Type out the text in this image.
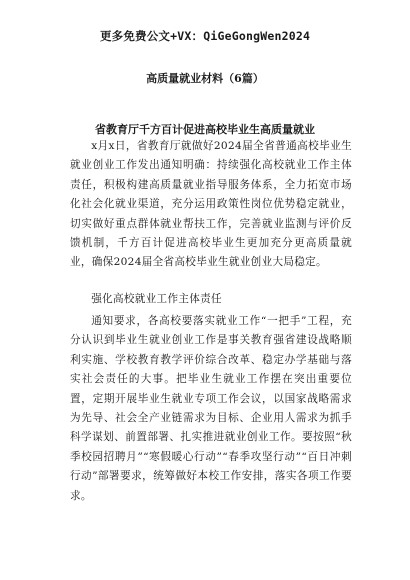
更多免费公文+VX：QiGeGongWen2024
高质量就业材料（6篇）
省教育厅千方百计促进高校毕业生高质量就业

x月x日，省教育厅就做好2024届全省普通高校毕业生就业创业工作发出通知明确：持续强化高校就业工作主体责任，积极构建高质量就业指导服务体系，全力拓宽市场化社会化就业渠道，充分运用政策性岗位优势稳定就业，切实做好重点群体就业帮扶工作，完善就业监测与评价反馈机制，千方百计促进高校毕业生更加充分更高质量就业，确保2024届全省高校毕业生就业创业大局稳定。

强化高校就业工作主体责任

通知要求，各高校要落实就业工作“一把手”工程，充分认识到毕业生就业创业工作是事关教育强省建设战略顺利实施、学校教育教学评价综合改革、稳定办学基础与落实社会责任的大事。把毕业生就业工作摆在突出重要位置，定期开展毕业生就业专项工作会议，以国家战略需求为先导、社会全产业链需求为目标、企业用人需求为抓手科学谋划、前置部署、扎实推进就业创业工作。要按照“秋季校园招聘月”“寒假暖心行动”“春季攻坚行动”“百日冲刺行动”部署要求，统筹做好本校工作安排，落实各项工作要求。
